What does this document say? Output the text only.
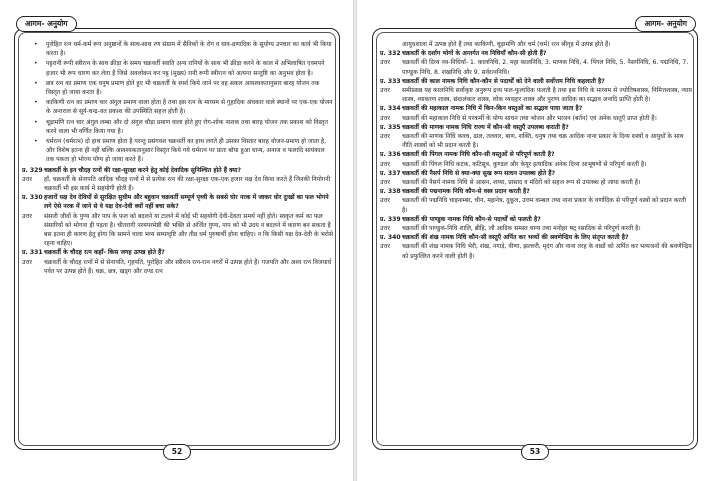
आगम- अनुयोग
• पुरोहित रत्न धर्म-कर्म रूप अनुष्ठानों के साथ-साथ रण संग्राम में सैनिकों के रोग व घाव-व्रणादिक के सुयोग्य उपचार का कार्य भी किया करता है।
• पट्टरानी रूपी स्त्रीरत्न के साथ क्रीड़ा के समय चक्रवर्ती स्वाति अन्य रानियों के साथ भी क्रीड़ा करने के काल में अभिलाषित एवमपने हजार भी रूप धारण कर लेता है जिसे अवलोकन कर पट्ट (मुख्य) रानी रूपी स्त्रीरत्न को अत्यन्त सन्तुष्टि का अनुभव होता है।
• छत्र रत्न का प्रमाण एक धनुष प्रमाण होते हुए भी चक्रवर्ती के स्पर्श किये जाने पर वह सकल आवश्यकतानुसार बारह योजन तक विस्तृत हो जाया करता है।
• काकिणी रत्न का प्रमाण चार अंगुल प्रमाण वाला होता है तथा इस रत्न के माध्यम से गुहादिक अंधकार वाले स्थानों पर एक-एक योजन के अन्तराल से सूर्य-चन्द्र-वत प्रकाश की उपस्थिति सहज होती है।
• चूड़ामणि रत्न चार अंगुल लम्बा और दो अंगुल चौड़ा प्रमाण वाला होते हुए रोग-शोक नाशक तथा बारह योजन तक प्रकाश को विस्तृत करने वाला भी वर्णित किया गया है।
• धर्मरत्न (चर्मरत्न) दो हाथ प्रमाण होता है परन्तु प्रसंगवश चक्रवर्ती का हाथ लगते ही उसका विस्तार बारह योजन-प्रमाण हो जाता है, और विशेष इतना ही नहीं बल्कि आवश्यकतानुसार विस्तृत किये गये धर्मरत्न पर प्रातः बोया हुआ धान्य, अनाज व फलादि सायंकाल तक पकता हो भोज्य योग्य हो जाया करते हैं।
प्र. 329 चक्रवर्ती के इन चौदह रत्नों की रक्षा-सुरक्षा करने हेतु कोई देवादिक सुनिश्चित होते हैं क्या?
उत्तर	हाँ, चक्रवर्ती के सेनापति आदिक चौदह रत्नों में से प्रत्येक रत्न की रक्षा-सुरक्षा एक-एक हजार यक्ष देव किया करते हैं जिनकी नियोगनी चक्रवर्ती भी इस कार्य में सहयोगी होती हैं।
प्र. 330 हजारों यक्ष देव देवियों से सुरक्षित सुधीम और बहुवान चक्रवर्ती सम्पूर्ण पृथ्वी के सबसे घोर नरक में जाकर घोर दुःखों का फल भोगने लगे ऐसे नरक में जाने से वे यक्ष देव-देवी क्यों नहीं बचा सके?
उत्तर	संसारी जीवों के पुण्य और पाप के फल को बदलने या टालने में कोई भी सहयोगी देवी-देवता समर्थ नहीं होते। स्वकृत कर्म का फल संसारियों को भोगना ही पड़ता है। चीतरागी परमपरमेष्ठी की भक्ति से अर्जित पुण्य, पाप को भी उदय न बदलने में कारण बन सकता है बस इतना ही कारण हेतु होगा कि सामने वाला भव्य सम्यग्दृष्टि और तीव्र धर्म पुरुषार्थी होना चाहिए। न कि किसी यक्ष देव-देवी के भरोसे रहना चाहिए।
प्र. 331 चक्रवर्ती के चौदह रत्न कहाँ- किस जगह उत्पन्न होते हैं?
उत्तर	चक्रवर्ती के चौदह रत्नों में से सेनापति, गृहपति, पुरोहित और स्त्रीरत्न रत्न-रत्न नगरों में उत्पन्न होते हैं। गजपति और अश्व रत्न विजयार्ध पर्वत पर उत्पन्न होते हैं। चक्र, छत्र, खड्ग और दण्ड रत्न
52
आगम- अनुयोग
आयुधशाला में उत्पन्न होते हैं तथा काकिणी, चूड़ामणि और चर्म (चर्म) रत्न श्रीगृह में उत्पन्न होते हैं।
प्र. 332 चक्रवर्ती के दर्शाग भोगों के अन्तर्गत नव निधियाँ कौन-सी होती हैं?
उत्तर	चक्रवर्ती की दिव्य नव-निधियाँ- 1. कालनिधि, 2. महा कालनिधि, 3. माणक निधि, 4. पिंगल निधि, 5. नैसर्पनिधि, 6. पद्मनिधि, 7. पाण्डुक निधि, 8. शंखनिधि और 9. सर्वरत्ननिधि।
प्र. 333 चक्रवर्ती की काल नामक निधि कौन-कौन से पदार्थों को देने वाली सर्वोत्तम निधि कहलाती है?
उत्तर	समीप्रसन्न यह कालनिधि सर्वोकृष्ट अनुरूप द्रव्य फल-फूलादिक फलती है तथा इस निधि के माध्यम से ज्योतिषशास्त्र, निमित्तशास्त्र, न्याय शास्त्र, व्याकरण शास्त्र, छंदालंकार शास्त्र, लोक व्यवहार शास्त्र और पुराण आदिक का सद्भाव अनादि प्राप्ति होती है।
प्र. 334 चक्रवर्ती की महाकाल नामक निधि में किन-किन वस्तुओं का सद्भाव पाया जाता है?
उत्तर	चक्रवर्ती की महाकाल निधि से परकर्मी के योग्य साधन तथा भोजन और भाजन (बर्तन) एवं अनेक धातुएँ प्राप्त होती हैं।
प्र. 335 चक्रवर्ती की माणक नामक निधि राज्य में कौन-सी वस्तुएँ उपलब्ध कराती है?
उत्तर	चक्रवर्ती की माणक निधि कवच, ढाल, तलवार, बाण, शक्ति, धनुष तथा चक्र आदिक नाना प्रकार के दिव्य शस्त्रों व आयुधों के साथ नीति शास्त्रों को भी प्रदान करती है।
प्र. 336 चक्रवर्ती की पिंगल नामक निधि कौन-सी वस्तुओं से परिपूर्ण करती है?
उत्तर	चक्रवर्ती की पिंगल निधि कटक, कटिसूत्र, कुण्डल और केयूर इत्यादिक अनेक दिव्य आभूषणों से परिपूर्ण करती है।
प्र. 337 चक्रवर्ती की नैसर्प निधि से क्या-क्या सुख रूप साधन उपलब्ध होते हैं?
उत्तर	चक्रवर्ती की नैसर्प नामक निधि से आसन, शय्या, प्रासाद व मंदिरों को सहज रूप से उपलब्ध हो जाया करती है।
प्र. 338 चक्रवर्ती की पद्मनामक निधि कौन-से वस्त्र प्रदान करती है?
उत्तर	चक्रवर्ती की पद्मनिधि चाइनाम्बर, चीन, महानेत्र, दुकूल, उत्तम कम्बल तथा नाना प्रकार के वर्णादिक से परिपूर्ण वस्त्रों को प्रदान करती है।
प्र. 339 चक्रवर्ती की पाण्डुक नामक निधि कौन-से पदार्थों को फलती है?
उत्तर	चक्रवर्ती की पाण्डुक-निधि शालि, ब्रीहि, जौ आदिक समस्त धान्य तथा मनोहर षट् रसादिक से परिपूर्ण करती है।
प्र. 340 चक्रवर्ती की शंख नामक निधि कौन-सी वस्तुएँ अर्पित कर भव्यों की श्रवणेन्द्रिय के लिए संतृप्त करती है?
उत्तर	चक्रवर्ती की शंख नामक निधि भेरी, शंख, नगाड़े, वीणा, झल्लरी, मृदंग और नाना तरह के वाद्यों को अर्पित कर भव्यजनों की श्रवणेन्द्रिय को प्रफुल्लित करने वाली होती है।
53
